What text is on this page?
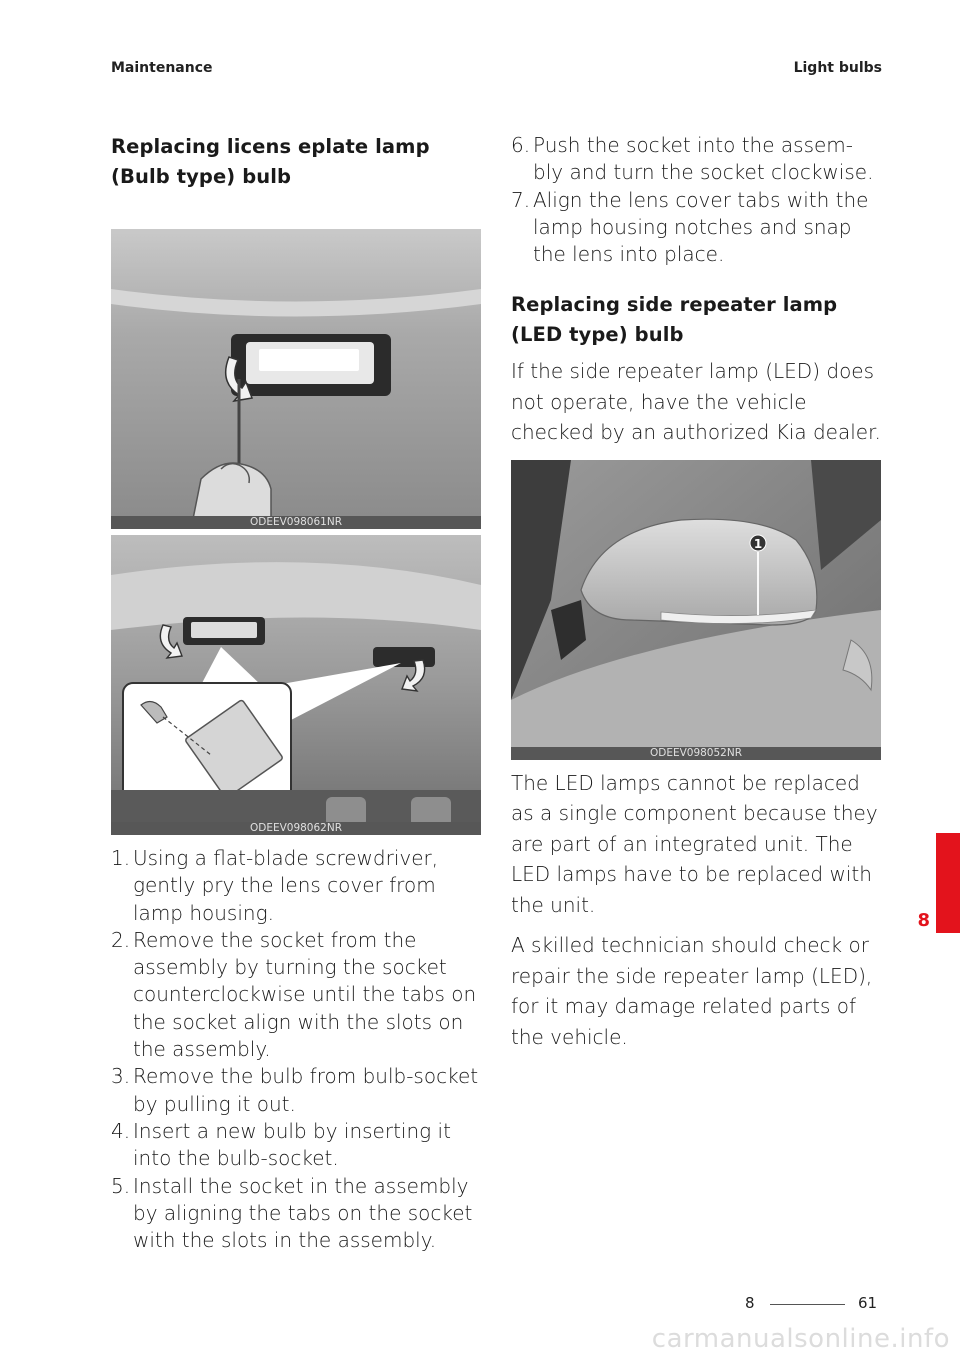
Maintenance	Light bulbs
Replacing licens eplate lamp (Bulb type) bulb
ODEEV098061NR
ODEEV098062NR
1. Using a flat-blade screwdriver, gently pry the lens cover from lamp housing.
2. Remove the socket from the assembly by turning the socket counterclockwise until the tabs on the socket align with the slots on the assembly.
3. Remove the bulb from bulb-socket by pulling it out.
4. Insert a new bulb by inserting it into the bulb-socket.
5. Install the socket in the assembly by aligning the tabs on the socket with the slots in the assembly.
6. Push the socket into the assem-bly and turn the socket clockwise.
7. Align the lens cover tabs with the lamp housing notches and snap the lens into place.
Replacing side repeater lamp (LED type) bulb

If the side repeater lamp (LED) does not operate, have the vehicle checked by an authorized Kia dealer.

1
ODEEV098052NR

The LED lamps cannot be replaced as a single component because they are part of an integrated unit. The LED lamps have to be replaced with the unit.

A skilled technician should check or repair the side repeater lamp (LED), for it may damage related parts of the vehicle.

8
8	61
carmanualsonline.info
